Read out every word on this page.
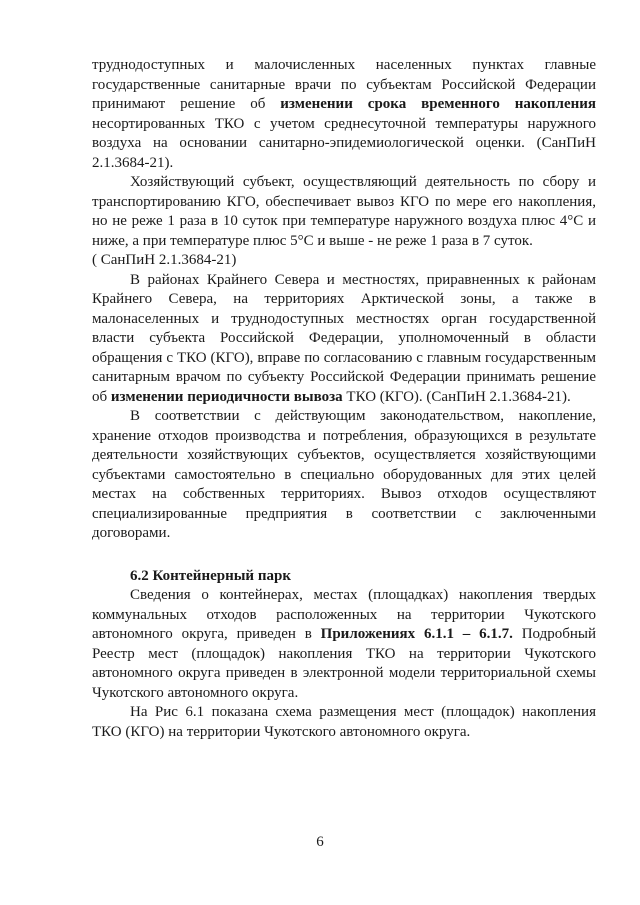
труднодоступных и малочисленных населенных пунктах главные государственные санитарные врачи по субъектам Российской Федерации принимают решение об изменении срока временного накопления несортированных ТКО с учетом среднесуточной температуры наружного воздуха на основании санитарно-эпидемиологической оценки. (СанПиН 2.1.3684-21).

Хозяйствующий субъект, осуществляющий деятельность по сбору и транспортированию КГО, обеспечивает вывоз КГО по мере его накопления, но не реже 1 раза в 10 суток при температуре наружного воздуха плюс 4°С и ниже, а при температуре плюс 5°С и выше - не реже 1 раза в 7 суток.

( СанПиН 2.1.3684-21)

В районах Крайнего Севера и местностях, приравненных к районам Крайнего Севера, на территориях Арктической зоны, а также в малонаселенных и труднодоступных местностях орган государственной власти субъекта Российской Федерации, уполномоченный в области обращения с ТКО (КГО), вправе по согласованию с главным государственным санитарным врачом по субъекту Российской Федерации принимать решение об изменении периодичности вывоза ТКО (КГО). (СанПиН 2.1.3684-21).

В соответствии с действующим законодательством, накопление, хранение отходов производства и потребления, образующихся в результате деятельности хозяйствующих субъектов, осуществляется хозяйствующими субъектами самостоятельно в специально оборудованных для этих целей местах на собственных территориях. Вывоз отходов осуществляют специализированные предприятия в соответствии с заключенными договорами.

6.2 Контейнерный парк

Сведения о контейнерах, местах (площадках) накопления твердых коммунальных отходов расположенных на территории Чукотского автономного округа, приведен в Приложениях 6.1.1 – 6.1.7. Подробный Реестр мест (площадок) накопления ТКО на территории Чукотского автономного округа приведен в электронной модели территориальной схемы Чукотского автономного округа.

На Рис 6.1 показана схема размещения мест (площадок) накопления ТКО (КГО) на территории Чукотского автономного округа.

6
